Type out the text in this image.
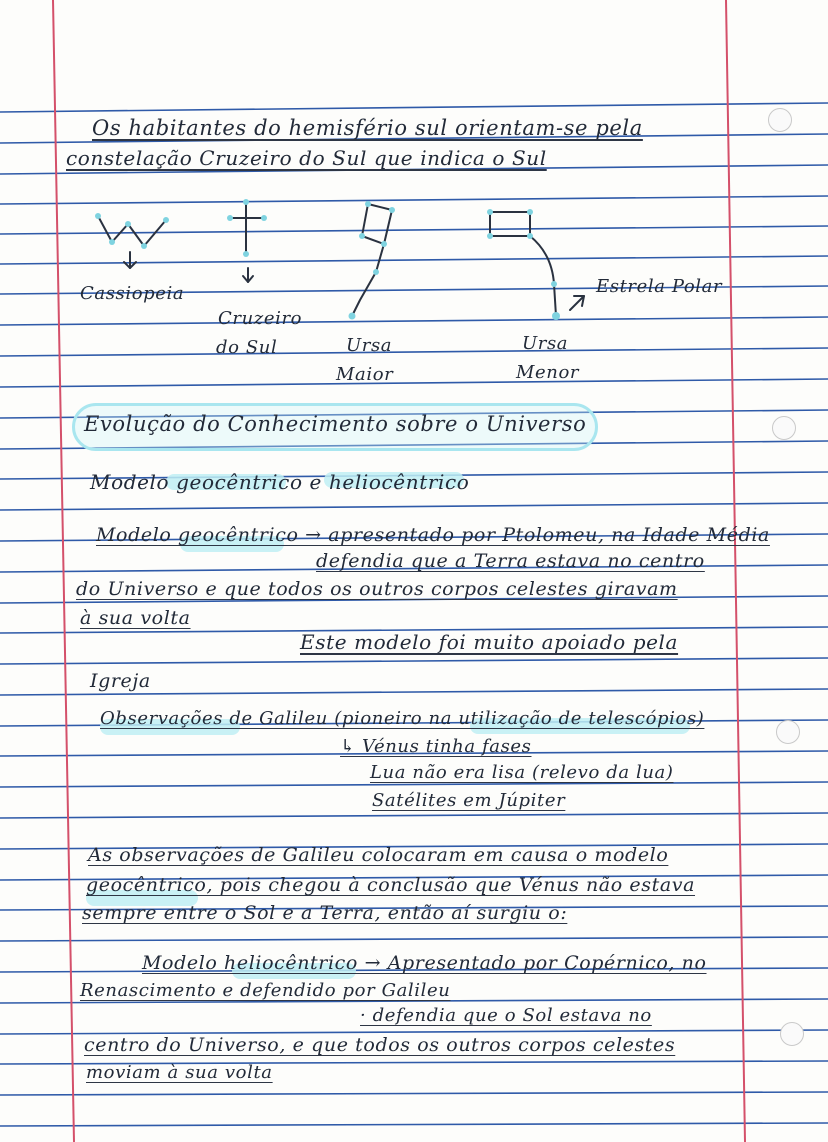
Os habitantes do hemisfério sul orientam-se pela
constelação Cruzeiro do Sul que indica o Sul
Cassiopeia
Cruzeiro
do Sul	Ursa
Maior
Ursa
Menor
Estrela Polar
Evolução do Conhecimento sobre o Universo
Modelo geocêntrico e heliocêntrico
Modelo geocêntrico → apresentado por Ptolomeu, na Idade Média
defendia que a Terra estava no centro
do Universo e que todos os outros corpos celestes giravam
à sua volta
Este modelo foi muito apoiado pela
Igreja
Observações de Galileu (pioneiro na utilização de telescópios)
↳ Vénus tinha fases
Lua não era lisa (relevo da lua)
Satélites em Júpiter
As observações de Galileu colocaram em causa o modelo
geocêntrico, pois chegou à conclusão que Vénus não estava
sempre entre o Sol e a Terra, então aí surgiu o:
Modelo heliocêntrico → Apresentado por Copérnico, no
Renascimento e defendido por Galileu
· defendia que o Sol estava no
centro do Universo, e que todos os outros corpos celestes
moviam à sua volta
